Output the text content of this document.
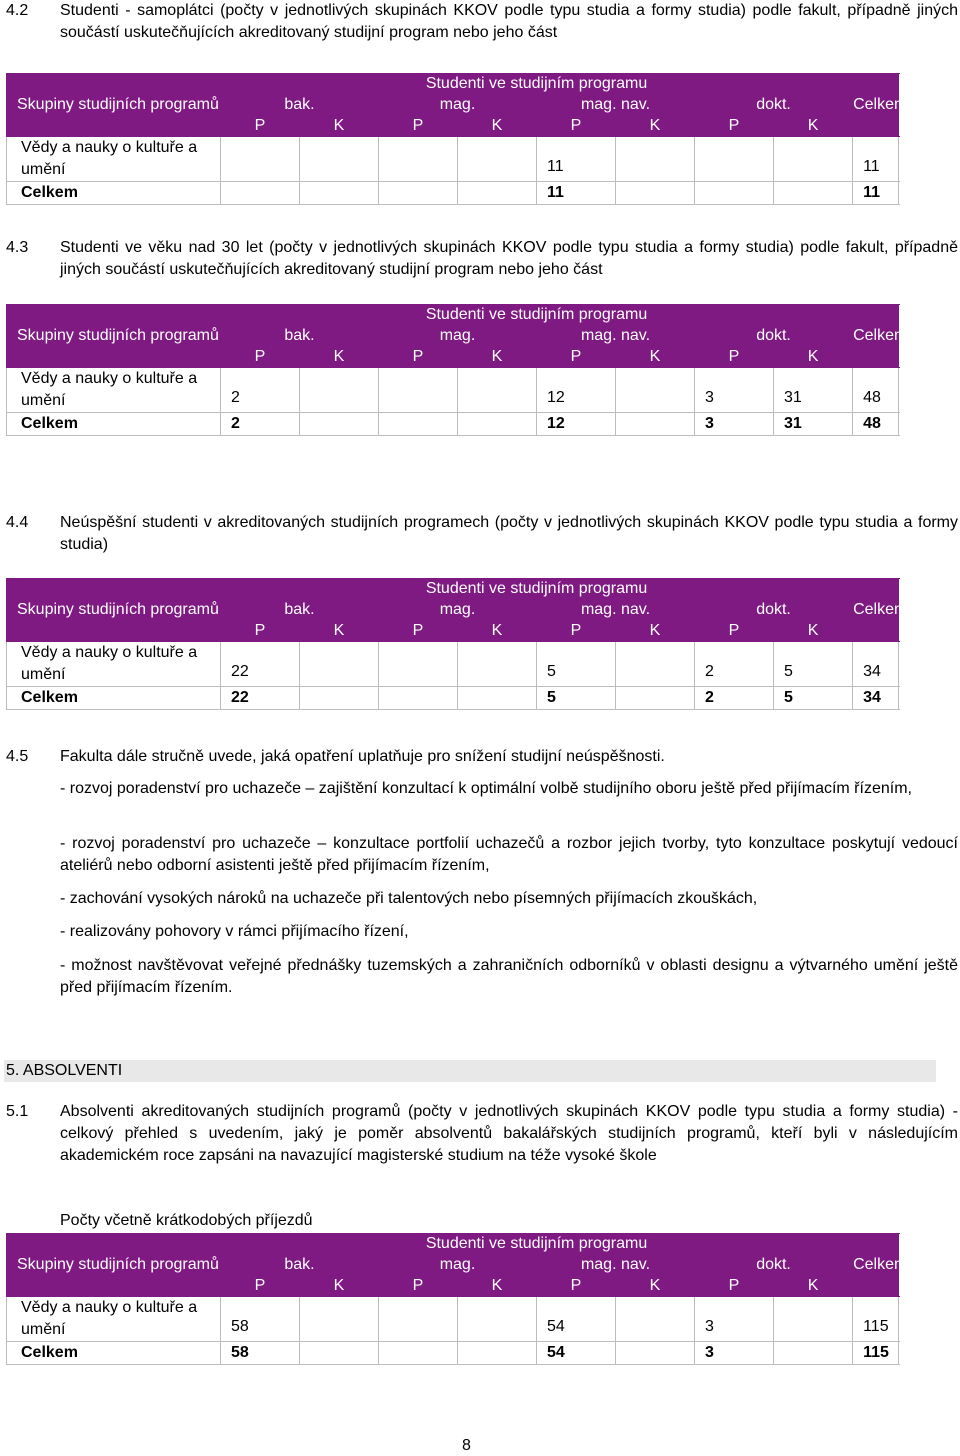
4.2 Studenti - samoplátci (počty v jednotlivých skupinách KKOV podle typu studia a formy studia) podle fakult, případně jiných součástí uskutečňujících akreditovaný studijní program nebo jeho část
Skupiny studijních programů	Studenti ve studijním programu								Celkem
	bak.		mag.		mag. nav.		dokt.		
	P	K	P	K	P	K	P	K	
Vědy a nauky o kultuře a umění					11				11
Celkem					11				11
4.3 Studenti ve věku nad 30 let (počty v jednotlivých skupinách KKOV podle typu studia a formy studia) podle fakult, případně jiných součástí uskutečňujících akreditovaný studijní program nebo jeho část
Skupiny studijních programů	Studenti ve studijním programu								Celkem
	bak.		mag.		mag. nav.		dokt.		
	P	K	P	K	P	K	P	K	
Vědy a nauky o kultuře a umění	2				12		3	31	48
Celkem	2				12		3	31	48
4.4 Neúspěšní studenti v akreditovaných studijních programech (počty v jednotlivých skupinách KKOV podle typu studia a formy studia)
Skupiny studijních programů	Studenti ve studijním programu								Celkem
	bak.		mag.		mag. nav.		dokt.		
	P	K	P	K	P	K	P	K	
Vědy a nauky o kultuře a umění	22				5		2	5	34
Celkem	22				5		2	5	34
4.5 Fakulta dále stručně uvede, jaká opatření uplatňuje pro snížení studijní neúspěšnosti.
- rozvoj poradenství pro uchazeče – zajištění konzultací k optimální volbě studijního oboru ještě před přijímacím řízením,
- rozvoj poradenství pro uchazeče – konzultace portfolií uchazečů a rozbor jejich tvorby, tyto konzultace poskytují vedoucí ateliérů nebo odborní asistenti ještě před přijímacím řízením,
- zachování vysokých nároků na uchazeče při talentových nebo písemných přijímacích zkouškách,
- realizovány pohovory v rámci přijímacího řízení,
- možnost navštěvovat veřejné přednášky tuzemských a zahraničních odborníků v oblasti designu a výtvarného umění ještě před přijímacím řízením.
5. ABSOLVENTI
5.1 Absolventi akreditovaných studijních programů (počty v jednotlivých skupinách KKOV podle typu studia a formy studia) - celkový přehled s uvedením, jaký je poměr absolventů bakalářských studijních programů, kteří byli v následujícím akademickém roce zapsáni na navazující magisterské studium na téže vysoké škole
Počty včetně krátkodobých příjezdů
Skupiny studijních programů	Studenti ve studijním programu								Celkem
	bak.		mag.		mag. nav.		dokt.		
	P	K	P	K	P	K	P	K	
Vědy a nauky o kultuře a umění	58				54		3		115
Celkem	58				54		3		115
8
